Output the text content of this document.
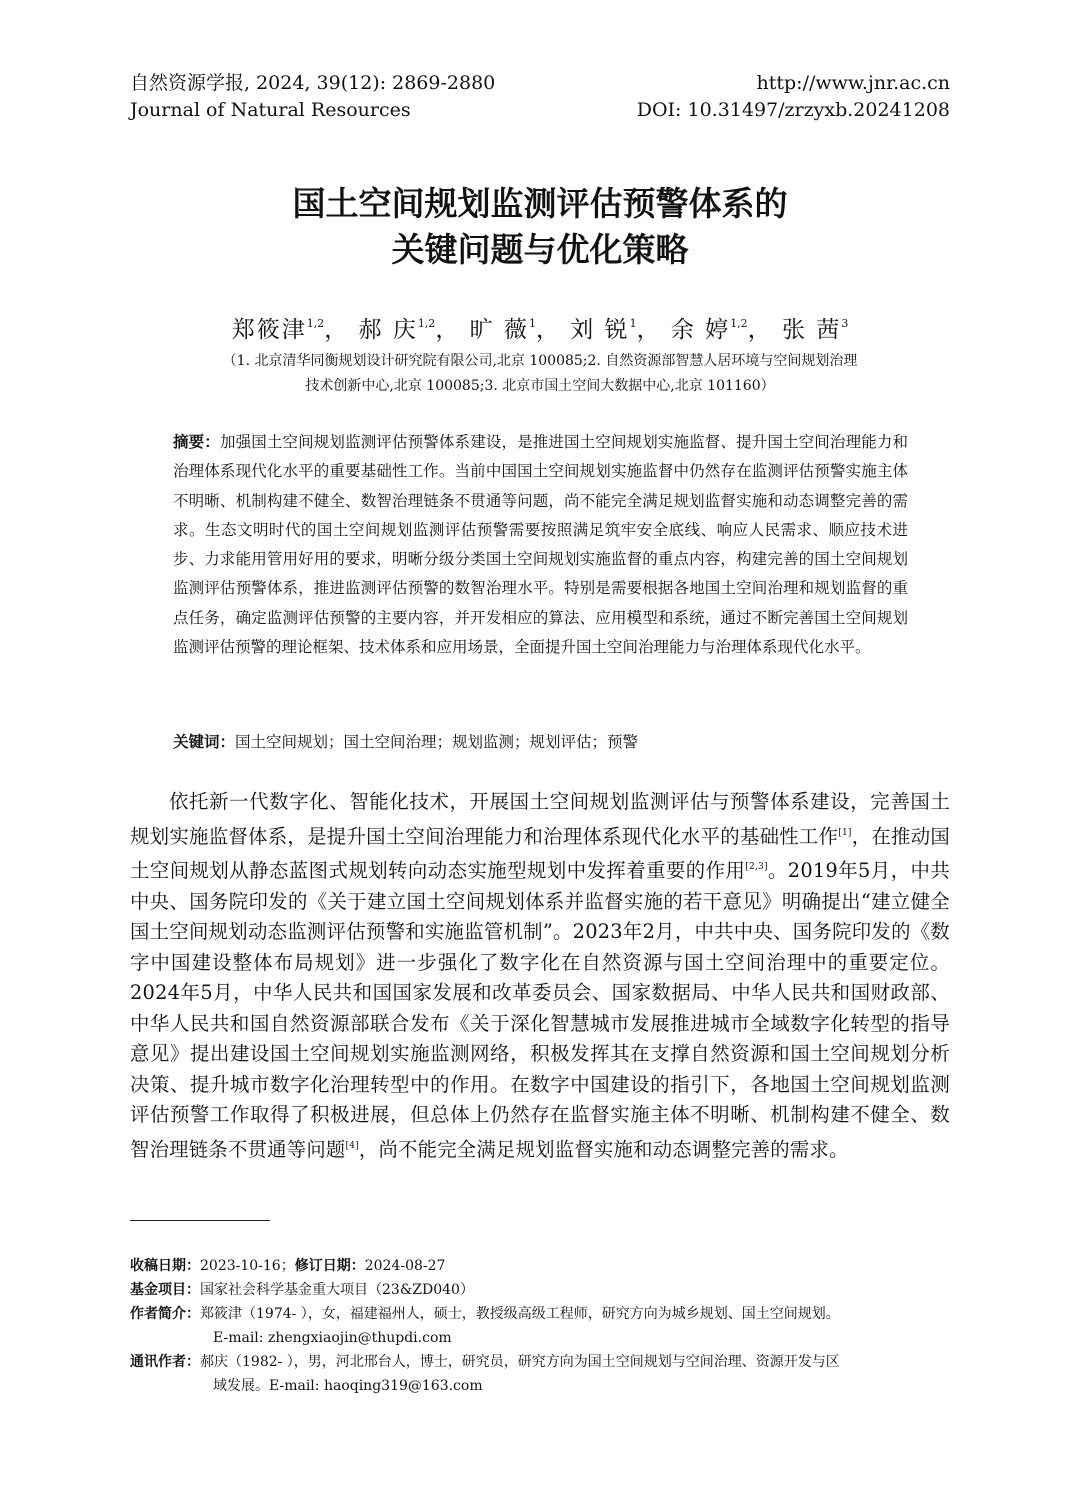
自然资源学报, 2024, 39(12): 2869-2880
Journal of Natural Resources
http://www.jnr.ac.cn
DOI: 10.31497/zrzyxb.20241208
国土空间规划监测评估预警体系的
关键问题与优化策略
郑筱津$^{1,2}$， 郝 庆$^{1,2}$， 旷 薇$^1$， 刘 锐$^1$， 余 婷$^{1,2}$， 张 茜$^3$
（1. 北京清华同衡规划设计研究院有限公司,北京 100085;2. 自然资源部智慧人居环境与空间规划治理
技术创新中心,北京 100085;3. 北京市国土空间大数据中心,北京 101160）
摘要：加强国土空间规划监测评估预警体系建设，是推进国土空间规划实施监督、提升国土空间治理能力和治理体系现代化水平的重要基础性工作。当前中国国土空间规划实施监督中仍然存在监测评估预警实施主体不明晰、机制构建不健全、数智治理链条不贯通等问题，尚不能完全满足规划监督实施和动态调整完善的需求。生态文明时代的国土空间规划监测评估预警需要按照满足筑牢安全底线、响应人民需求、顺应技术进步、力求能用管用好用的要求，明晰分级分类国土空间规划实施监督的重点内容，构建完善的国土空间规划监测评估预警体系，推进监测评估预警的数智治理水平。特别是需要根据各地国土空间治理和规划监督的重点任务，确定监测评估预警的主要内容，并开发相应的算法、应用模型和系统，通过不断完善国土空间规划监测评估预警的理论框架、技术体系和应用场景，全面提升国土空间治理能力与治理体系现代化水平。
关键词：国土空间规划；国土空间治理；规划监测；规划评估；预警
依托新一代数字化、智能化技术，开展国土空间规划监测评估与预警体系建设，完善国土规划实施监督体系，是提升国土空间治理能力和治理体系现代化水平的基础性工作[1]，在推动国土空间规划从静态蓝图式规划转向动态实施型规划中发挥着重要的作用[2,3]。2019年5月，中共中央、国务院印发的《关于建立国土空间规划体系并监督实施的若干意见》明确提出“建立健全国土空间规划动态监测评估预警和实施监管机制”。2023年2月，中共中央、国务院印发的《数字中国建设整体布局规划》进一步强化了数字化在自然资源与国土空间治理中的重要定位。2024年5月，中华人民共和国国家发展和改革委员会、国家数据局、中华人民共和国财政部、中华人民共和国自然资源部联合发布《关于深化智慧城市发展推进城市全域数字化转型的指导意见》提出建设国土空间规划实施监测网络，积极发挥其在支撑自然资源和国土空间规划分析决策、提升城市数字化治理转型中的作用。在数字中国建设的指引下，各地国土空间规划监测评估预警工作取得了积极进展，但总体上仍然存在监督实施主体不明晰、机制构建不健全、数智治理链条不贯通等问题[4]，尚不能完全满足规划监督实施和动态调整完善的需求。
收稿日期：2023-10-16；修订日期：2024-08-27
基金项目：国家社会科学基金重大项目（23&ZD040）
作者简介：郑筱津（1974- ），女，福建福州人，硕士，教授级高级工程师，研究方向为城乡规划、国土空间规划。
E-mail: zhengxiaojin@thupdi.com
通讯作者：郝庆（1982- ），男，河北邢台人，博士，研究员，研究方向为国土空间规划与空间治理、资源开发与区
域发展。E-mail: haoqing319@163.com
